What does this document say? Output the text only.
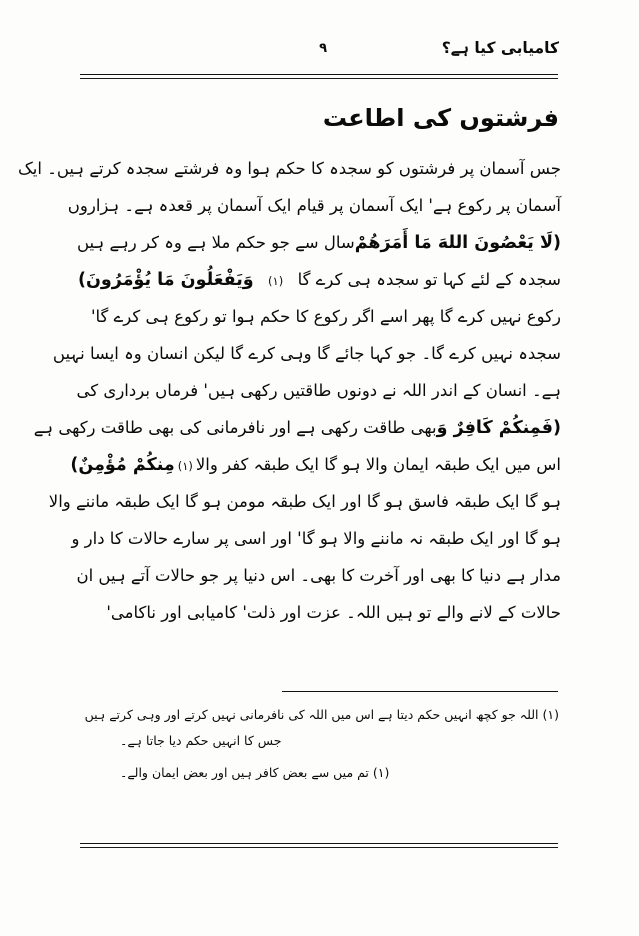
کامیابی کیا ہے؟
۹
فرشتوں کی اطاعت
جس آسمان پر فرشتوں کو سجدہ کا حکم ہوا وہ فرشتے سجدہ کرتے ہیں۔ ایک
آسمان پر رکوع ہے' ایک آسمان پر قیام ایک آسمان پر قعدہ ہے۔ ہزاروں
(لَا يَعْصُونَ اللهَ مَا أَمَرَهُمْ
سال سے جو حکم ملا ہے وہ کر رہے ہیں
سجدہ کے لئے کہا تو سجدہ ہی کرے گا
(۱)
وَيَفْعَلُونَ مَا يُؤْمَرُونَ)
رکوع نہیں کرے گا پھر اسے اگر رکوع کا حکم ہوا تو رکوع ہی کرے گا'
سجدہ نہیں کرے گا۔ جو کہا جائے گا وہی کرے گا لیکن انسان وہ ایسا نہیں
ہے۔ انسان کے اندر اللہ نے دونوں طاقتیں رکھی ہیں' فرماں برداری کی
(فَمِنكُمْ كَافِرٌ وَ
بھی طاقت رکھی ہے اور نافرمانی کی بھی طاقت رکھی ہے
اس میں ایک طبقہ ایمان والا ہو گا ایک طبقہ کفر والا
(۱)
مِنكُمْ مُؤْمِنٌ)
ہو گا ایک طبقہ فاسق ہو گا اور ایک طبقہ مومن ہو گا ایک طبقہ ماننے والا
ہو گا اور ایک طبقہ نہ ماننے والا ہو گا' اور اسی پر سارے حالات کا دار و
مدار ہے دنیا کا بھی اور آخرت کا بھی۔ اس دنیا پر جو حالات آتے ہیں ان
حالات کے لانے والے تو ہیں اللہ۔ عزت اور ذلت' کامیابی اور ناکامی'
(۱) اللہ جو کچھ انہیں حکم دیتا ہے اس میں اللہ کی نافرمانی نہیں کرتے اور وہی کرتے ہیں
جس کا انہیں حکم دیا جاتا ہے۔
(۱) تم میں سے بعض کافر ہیں اور بعض ایمان والے۔
